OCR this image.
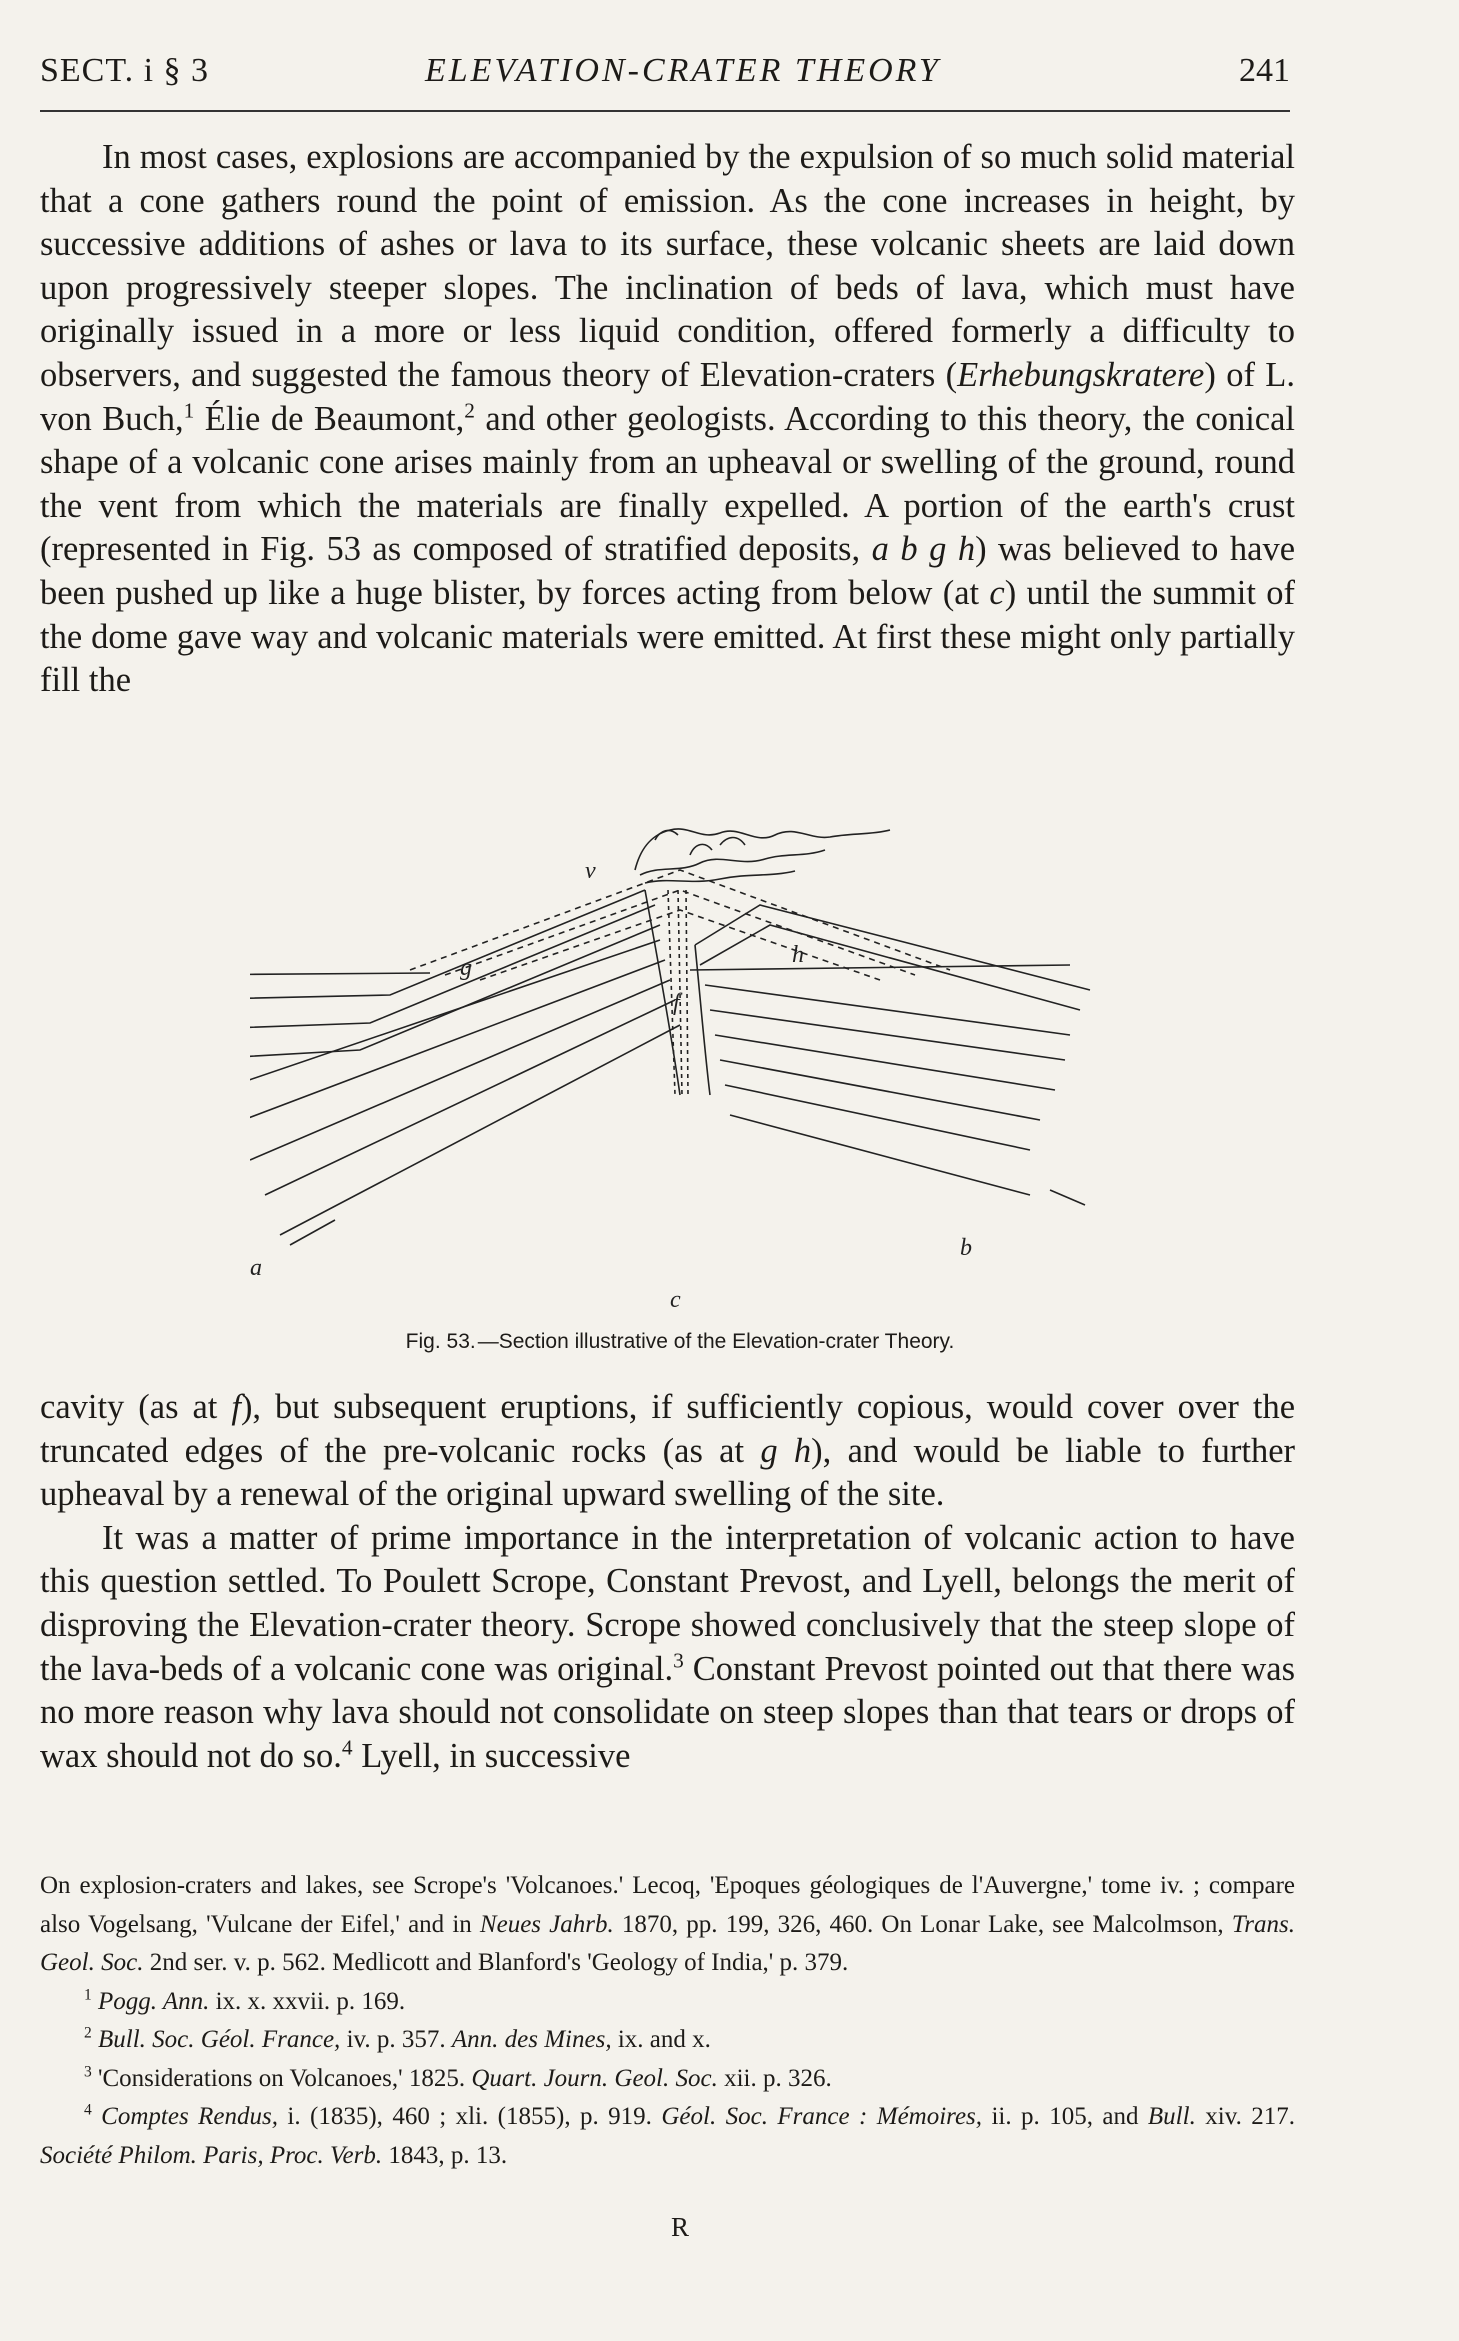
SECT. i § 3	ELEVATION-CRATER THEORY	241

In most cases, explosions are accompanied by the expulsion of so much solid material that a cone gathers round the point of emission. As the cone increases in height, by successive additions of ashes or lava to its surface, these volcanic sheets are laid down upon progressively steeper slopes. The inclination of beds of lava, which must have originally issued in a more or less liquid condition, offered formerly a difficulty to observers, and suggested the famous theory of Elevation-craters (Erhebungskratere) of L. von Buch,$^1$ Élie de Beaumont,$^2$ and other geologists. According to this theory, the conical shape of a volcanic cone arises mainly from an upheaval or swelling of the ground, round the vent from which the materials are finally expelled. A portion of the earth's crust (represented in Fig. 53 as composed of stratified deposits, a b g h) was believed to have been pushed up like a huge blister, by forces acting from below (at c) until the summit of the dome gave way and volcanic materials were emitted. At first these might only partially fill the

v
g	h
f
a
b
c
Fig. 53.—Section illustrative of the Elevation-crater Theory.

cavity (as at f), but subsequent eruptions, if sufficiently copious, would cover over the truncated edges of the pre-volcanic rocks (as at g h), and would be liable to further upheaval by a renewal of the original upward swelling of the site.

It was a matter of prime importance in the interpretation of volcanic action to have this question settled. To Poulett Scrope, Constant Prevost, and Lyell, belongs the merit of disproving the Elevation-crater theory. Scrope showed conclusively that the steep slope of the lava-beds of a volcanic cone was original.$^3$ Constant Prevost pointed out that there was no more reason why lava should not consolidate on steep slopes than that tears or drops of wax should not do so.$^4$ Lyell, in successive

On explosion-craters and lakes, see Scrope's 'Volcanoes.' Lecoq, 'Epoques géologiques de l'Auvergne,' tome iv. ; compare also Vogelsang, 'Vulcane der Eifel,' and in Neues Jahrb. 1870, pp. 199, 326, 460. On Lonar Lake, see Malcolmson, Trans. Geol. Soc. 2nd ser. v. p. 562. Medlicott and Blanford's 'Geology of India,' p. 379.

$^1$ Pogg. Ann. ix. x. xxvii. p. 169.

$^2$ Bull. Soc. Géol. France, iv. p. 357. Ann. des Mines, ix. and x.

$^3$ 'Considerations on Volcanoes,' 1825. Quart. Journ. Geol. Soc. xii. p. 326.

$^4$ Comptes Rendus, i. (1835), 460 ; xli. (1855), p. 919. Géol. Soc. France : Mémoires, ii. p. 105, and Bull. xiv. 217. Société Philom. Paris, Proc. Verb. 1843, p. 13.

R
